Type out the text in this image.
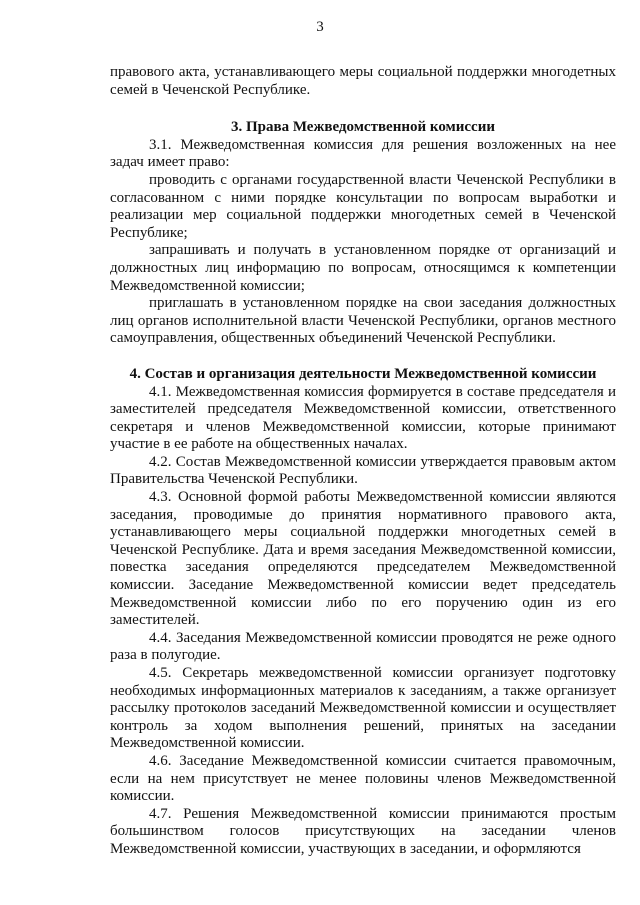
3

правового акта, устанавливающего меры социальной поддержки многодетных семей в Чеченской Республике.

3. Права Межведомственной комиссии

3.1. Межведомственная комиссия для решения возложенных на нее задач имеет право:

проводить с органами государственной власти Чеченской Республики в согласованном с ними порядке консультации по вопросам выработки и реализации мер социальной поддержки многодетных семей в Чеченской Республике;

запрашивать и получать в установленном порядке от организаций и должностных лиц информацию по вопросам, относящимся к компетенции Межведомственной комиссии;

приглашать в установленном порядке на свои заседания должностных лиц органов исполнительной власти Чеченской Республики, органов местного самоуправления, общественных объединений Чеченской Республики.

4. Состав и организация деятельности Межведомственной комиссии

4.1. Межведомственная комиссия формируется в составе председателя и заместителей председателя Межведомственной комиссии, ответственного секретаря и членов Межведомственной комиссии, которые принимают участие в ее работе на общественных началах.

4.2. Состав Межведомственной комиссии утверждается правовым актом Правительства Чеченской Республики.

4.3. Основной формой работы Межведомственной комиссии являются заседания, проводимые до принятия нормативного правового акта, устанавливающего меры социальной поддержки многодетных семей в Чеченской Республике. Дата и время заседания Межведомственной комиссии, повестка заседания определяются председателем Межведомственной комиссии. Заседание Межведомственной комиссии ведет председатель Межведомственной комиссии либо по его поручению один из его заместителей.

4.4. Заседания Межведомственной комиссии проводятся не реже одного раза в полугодие.

4.5. Секретарь межведомственной комиссии организует подготовку необходимых информационных материалов к заседаниям, а также организует рассылку протоколов заседаний Межведомственной комиссии и осуществляет контроль за ходом выполнения решений, принятых на заседании Межведомственной комиссии.

4.6. Заседание Межведомственной комиссии считается правомочным, если на нем присутствует не менее половины членов Межведомственной комиссии.

4.7. Решения Межведомственной комиссии принимаются простым большинством голосов присутствующих на заседании членов Межведомственной комиссии, участвующих в заседании, и оформляются
